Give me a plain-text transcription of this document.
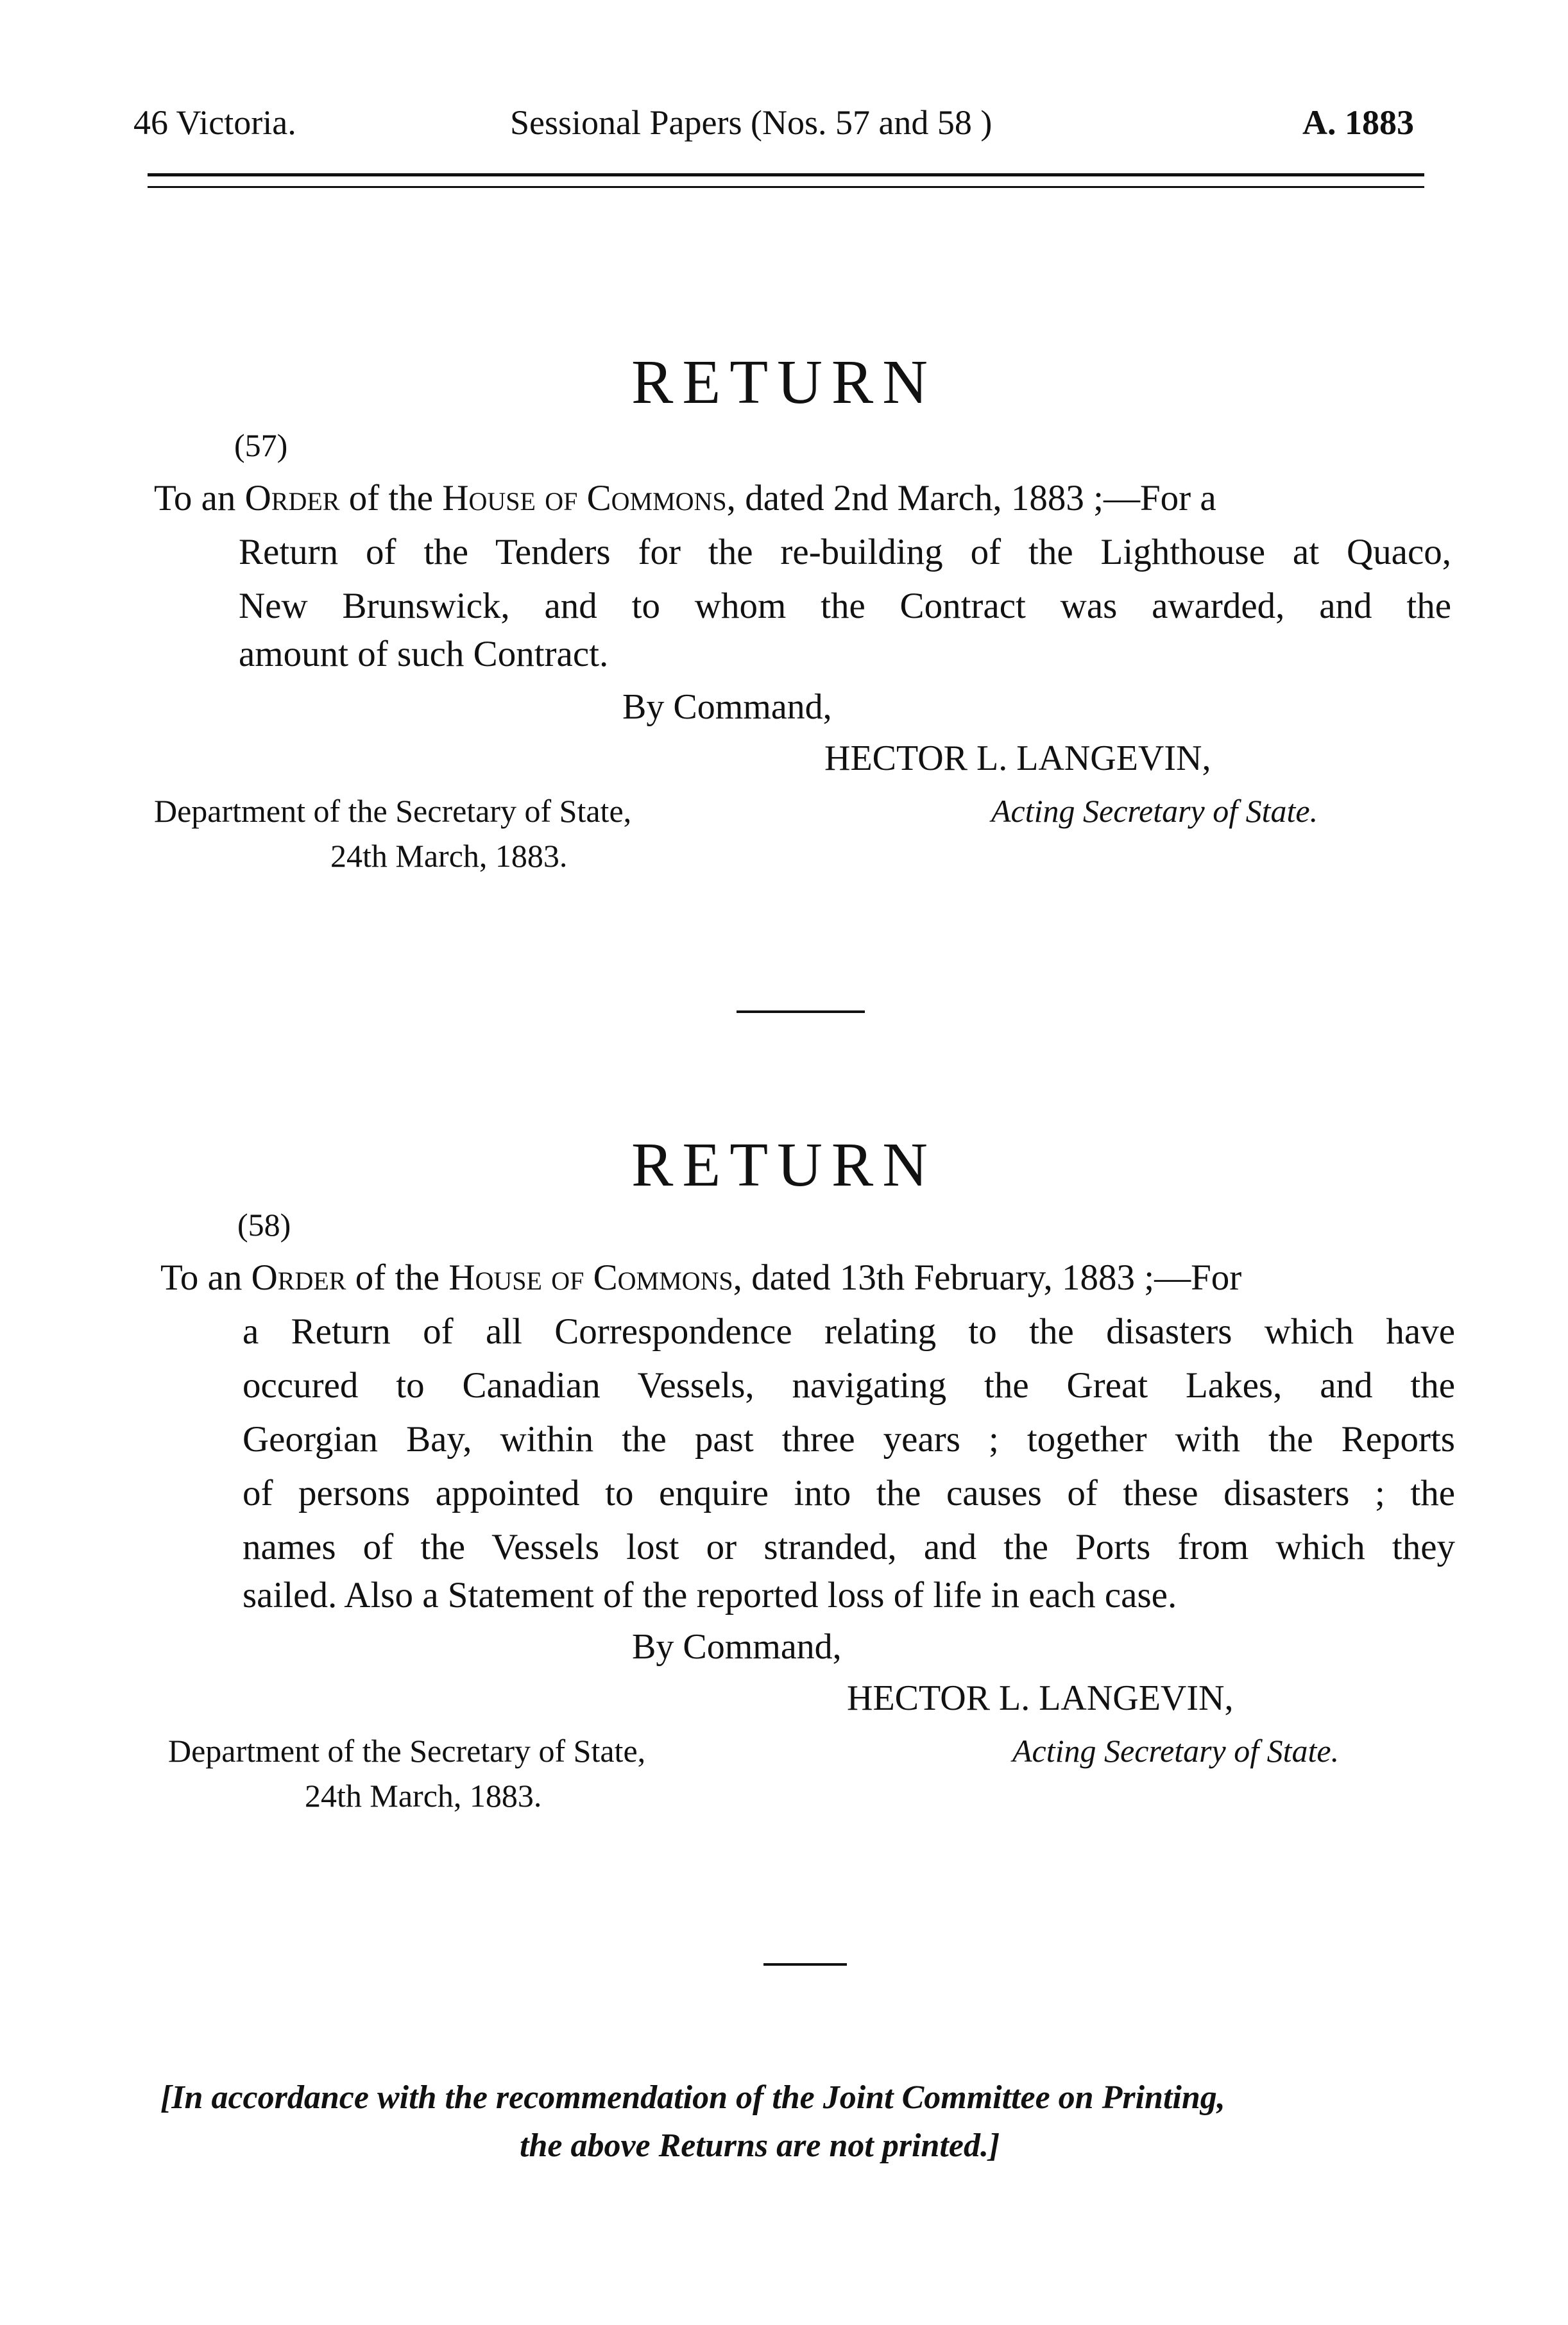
46 Victoria.	Sessional Papers (Nos. 57 and 58 )	A. 1883
RETURN
(57)
To an Order of the House of Commons, dated 2nd March, 1883 ;—For a
Return of the Tenders for the re-building of the Lighthouse at Quaco,
New Brunswick, and to whom the Contract was awarded, and the
amount of such Contract.
By Command,
HECTOR L. LANGEVIN,
Department of the Secretary of State,	Acting Secretary of State.
24th March, 1883.
RETURN
(58)
To an Order of the House of Commons, dated 13th February, 1883 ;—For
a Return of all Correspondence relating to the disasters which have
occured to Canadian Vessels, navigating the Great Lakes, and the
Georgian Bay, within the past three years ; together with the Reports
of persons appointed to enquire into the causes of these disasters ; the
names of the Vessels lost or stranded, and the Ports from which they
sailed. Also a Statement of the reported loss of life in each case.
By Command,
HECTOR L. LANGEVIN,
Department of the Secretary of State,	Acting Secretary of State.
24th March, 1883.
[In accordance with the recommendation of the Joint Committee on Printing,
the above Returns are not printed.]
